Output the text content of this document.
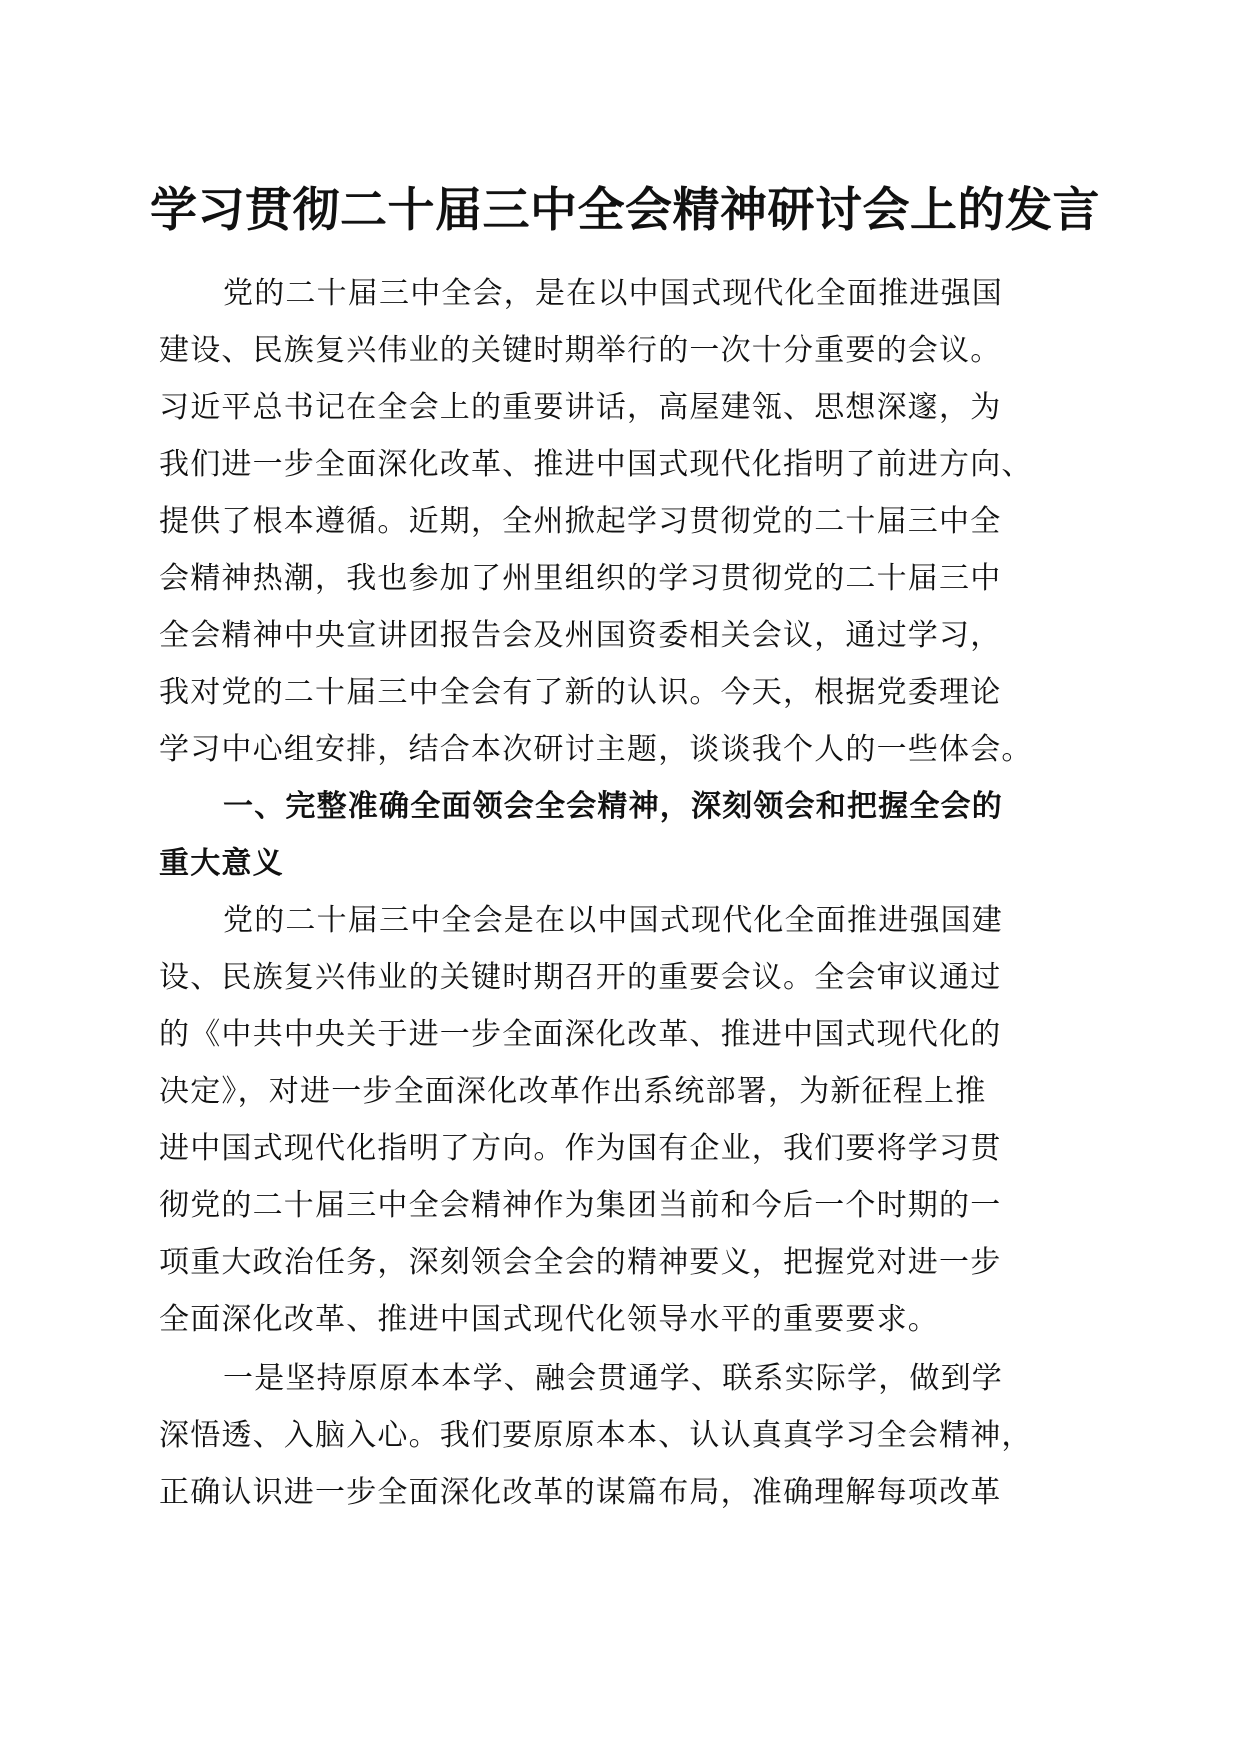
学习贯彻二十届三中全会精神研讨会上的发言
党的二十届三中全会，是在以中国式现代化全面推进强国
建设、民族复兴伟业的关键时期举行的一次十分重要的会议。
习近平总书记在全会上的重要讲话，高屋建瓴、思想深邃，为
我们进一步全面深化改革、推进中国式现代化指明了前进方向、
提供了根本遵循。近期，全州掀起学习贯彻党的二十届三中全
会精神热潮，我也参加了州里组织的学习贯彻党的二十届三中
全会精神中央宣讲团报告会及州国资委相关会议，通过学习，
我对党的二十届三中全会有了新的认识。今天，根据党委理论
学习中心组安排，结合本次研讨主题，谈谈我个人的一些体会。
一、完整准确全面领会全会精神，深刻领会和把握全会的
重大意义
党的二十届三中全会是在以中国式现代化全面推进强国建
设、民族复兴伟业的关键时期召开的重要会议。全会审议通过
的《中共中央关于进一步全面深化改革、推进中国式现代化的
决定》，对进一步全面深化改革作出系统部署，为新征程上推
进中国式现代化指明了方向。作为国有企业，我们要将学习贯
彻党的二十届三中全会精神作为集团当前和今后一个时期的一
项重大政治任务，深刻领会全会的精神要义，把握党对进一步
全面深化改革、推进中国式现代化领导水平的重要要求。
一是坚持原原本本学、融会贯通学、联系实际学，做到学
深悟透、入脑入心。我们要原原本本、认认真真学习全会精神，
正确认识进一步全面深化改革的谋篇布局，准确理解每项改革
